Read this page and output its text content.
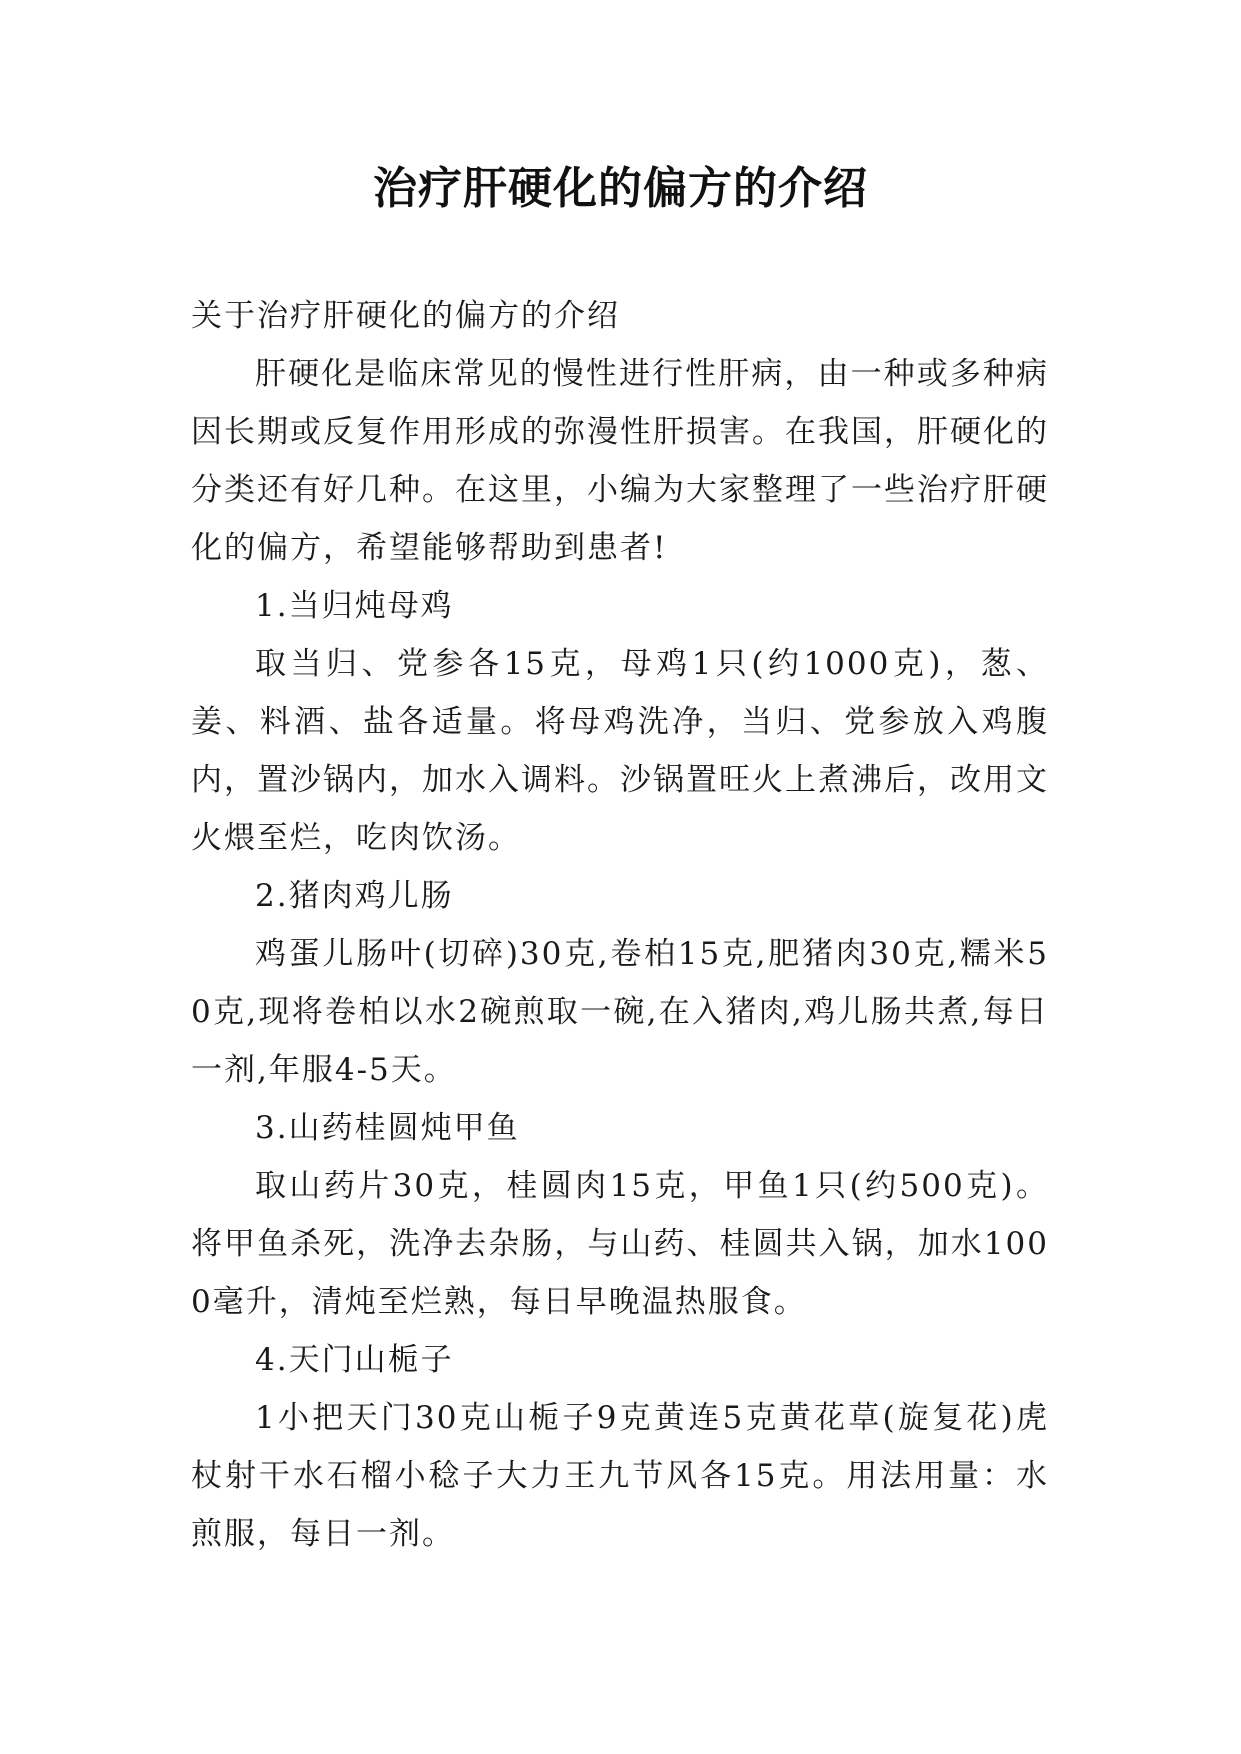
治疗肝硬化的偏方的介绍

关于治疗肝硬化的偏方的介绍

肝硬化是临床常见的慢性进行性肝病，由一种或多种病因长期或反复作用形成的弥漫性肝损害。在我国，肝硬化的分类还有好几种。在这里，小编为大家整理了一些治疗肝硬化的偏方，希望能够帮助到患者!

1.当归炖母鸡

取当归、党参各15克，母鸡1只(约1000克)，葱、姜、料酒、盐各适量。将母鸡洗净，当归、党参放入鸡腹内，置沙锅内，加水入调料。沙锅置旺火上煮沸后，改用文火煨至烂，吃肉饮汤。

2.猪肉鸡儿肠

鸡蛋儿肠叶(切碎)30克,卷柏15克,肥猪肉30克,糯米50克,现将卷柏以水2碗煎取一碗,在入猪肉,鸡儿肠共煮,每日一剂,年服4-5天。

3.山药桂圆炖甲鱼

取山药片30克，桂圆肉15克，甲鱼1只(约500克)。将甲鱼杀死，洗净去杂肠，与山药、桂圆共入锅，加水1000毫升，清炖至烂熟，每日早晚温热服食。

4.天门山栀子

1小把天门30克山栀子9克黄连5克黄花草(旋复花)虎杖射干水石榴小稔子大力王九节风各15克。用法用量：水煎服，每日一剂。
